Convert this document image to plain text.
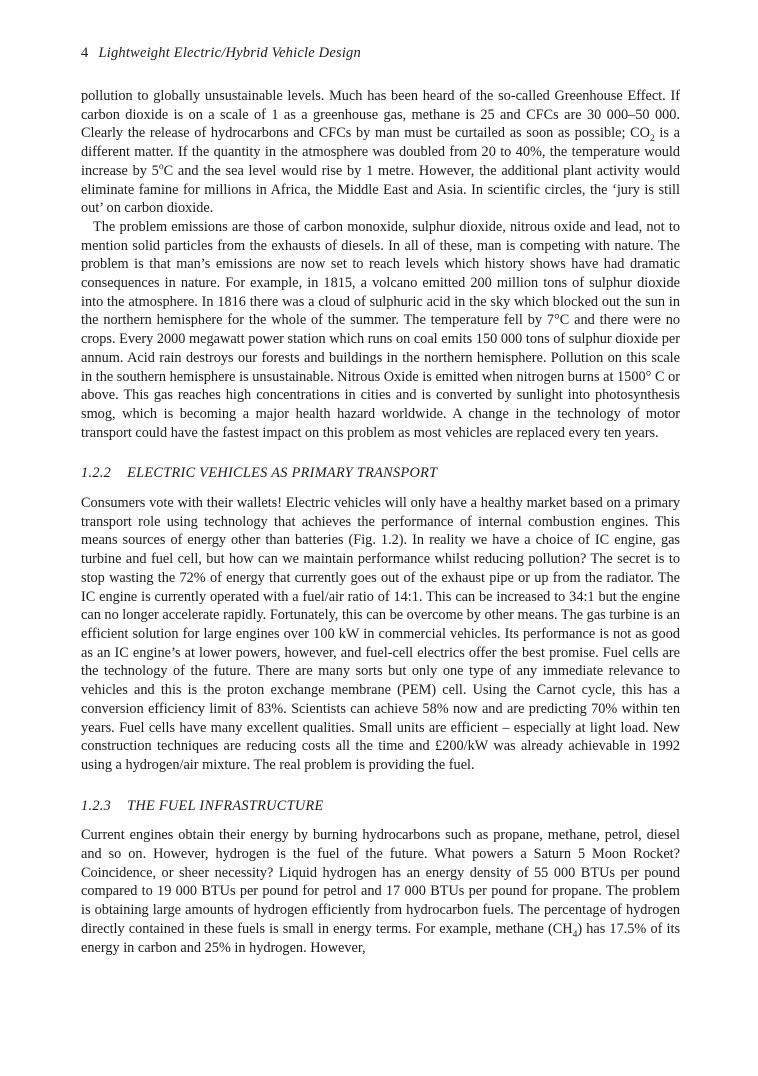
4 Lightweight Electric/Hybrid Vehicle Design

pollution to globally unsustainable levels. Much has been heard of the so-called Greenhouse Effect. If carbon dioxide is on a scale of 1 as a greenhouse gas, methane is 25 and CFCs are 30 000–50 000. Clearly the release of hydrocarbons and CFCs by man must be curtailed as soon as possible; $CO_2$ is a different matter. If the quantity in the atmosphere was doubled from 20 to 40%, the temperature would increase by 5$^o$C and the sea level would rise by 1 metre. However, the additional plant activity would eliminate famine for millions in Africa, the Middle East and Asia. In scientific circles, the ‘jury is still out’ on carbon dioxide.

The problem emissions are those of carbon monoxide, sulphur dioxide, nitrous oxide and lead, not to mention solid particles from the exhausts of diesels. In all of these, man is competing with nature. The problem is that man’s emissions are now set to reach levels which history shows have had dramatic consequences in nature. For example, in 1815, a volcano emitted 200 million tons of sulphur dioxide into the atmosphere. In 1816 there was a cloud of sulphuric acid in the sky which blocked out the sun in the northern hemisphere for the whole of the summer. The temperature fell by 7°C and there were no crops. Every 2000 megawatt power station which runs on coal emits 150 000 tons of sulphur dioxide per annum. Acid rain destroys our forests and buildings in the northern hemisphere. Pollution on this scale in the southern hemisphere is unsustainable. Nitrous Oxide is emitted when nitrogen burns at 1500° C or above. This gas reaches high concentrations in cities and is converted by sunlight into photosynthesis smog, which is becoming a major health hazard worldwide. A change in the technology of motor transport could have the fastest impact on this problem as most vehicles are replaced every ten years.

1.2.2 ELECTRIC VEHICLES AS PRIMARY TRANSPORT

Consumers vote with their wallets! Electric vehicles will only have a healthy market based on a primary transport role using technology that achieves the performance of internal combustion engines. This means sources of energy other than batteries (Fig. 1.2). In reality we have a choice of IC engine, gas turbine and fuel cell, but how can we maintain performance whilst reducing pollution? The secret is to stop wasting the 72% of energy that currently goes out of the exhaust pipe or up from the radiator. The IC engine is currently operated with a fuel/air ratio of 14:1. This can be increased to 34:1 but the engine can no longer accelerate rapidly. Fortunately, this can be overcome by other means. The gas turbine is an efficient solution for large engines over 100 kW in commercial vehicles. Its performance is not as good as an IC engine’s at lower powers, however, and fuel-cell electrics offer the best promise. Fuel cells are the technology of the future. There are many sorts but only one type of any immediate relevance to vehicles and this is the proton exchange membrane (PEM) cell. Using the Carnot cycle, this has a conversion efficiency limit of 83%. Scientists can achieve 58% now and are predicting 70% within ten years. Fuel cells have many excellent qualities. Small units are efficient – especially at light load. New construction techniques are reducing costs all the time and £200/kW was already achievable in 1992 using a hydrogen/air mixture. The real problem is providing the fuel.

1.2.3 THE FUEL INFRASTRUCTURE

Current engines obtain their energy by burning hydrocarbons such as propane, methane, petrol, diesel and so on. However, hydrogen is the fuel of the future. What powers a Saturn 5 Moon Rocket? Coincidence, or sheer necessity? Liquid hydrogen has an energy density of 55 000 BTUs per pound compared to 19 000 BTUs per pound for petrol and 17 000 BTUs per pound for propane. The problem is obtaining large amounts of hydrogen efficiently from hydrocarbon fuels. The percentage of hydrogen directly contained in these fuels is small in energy terms. For example, methane $(CH_4)$ has 17.5% of its energy in carbon and 25% in hydrogen. However,
